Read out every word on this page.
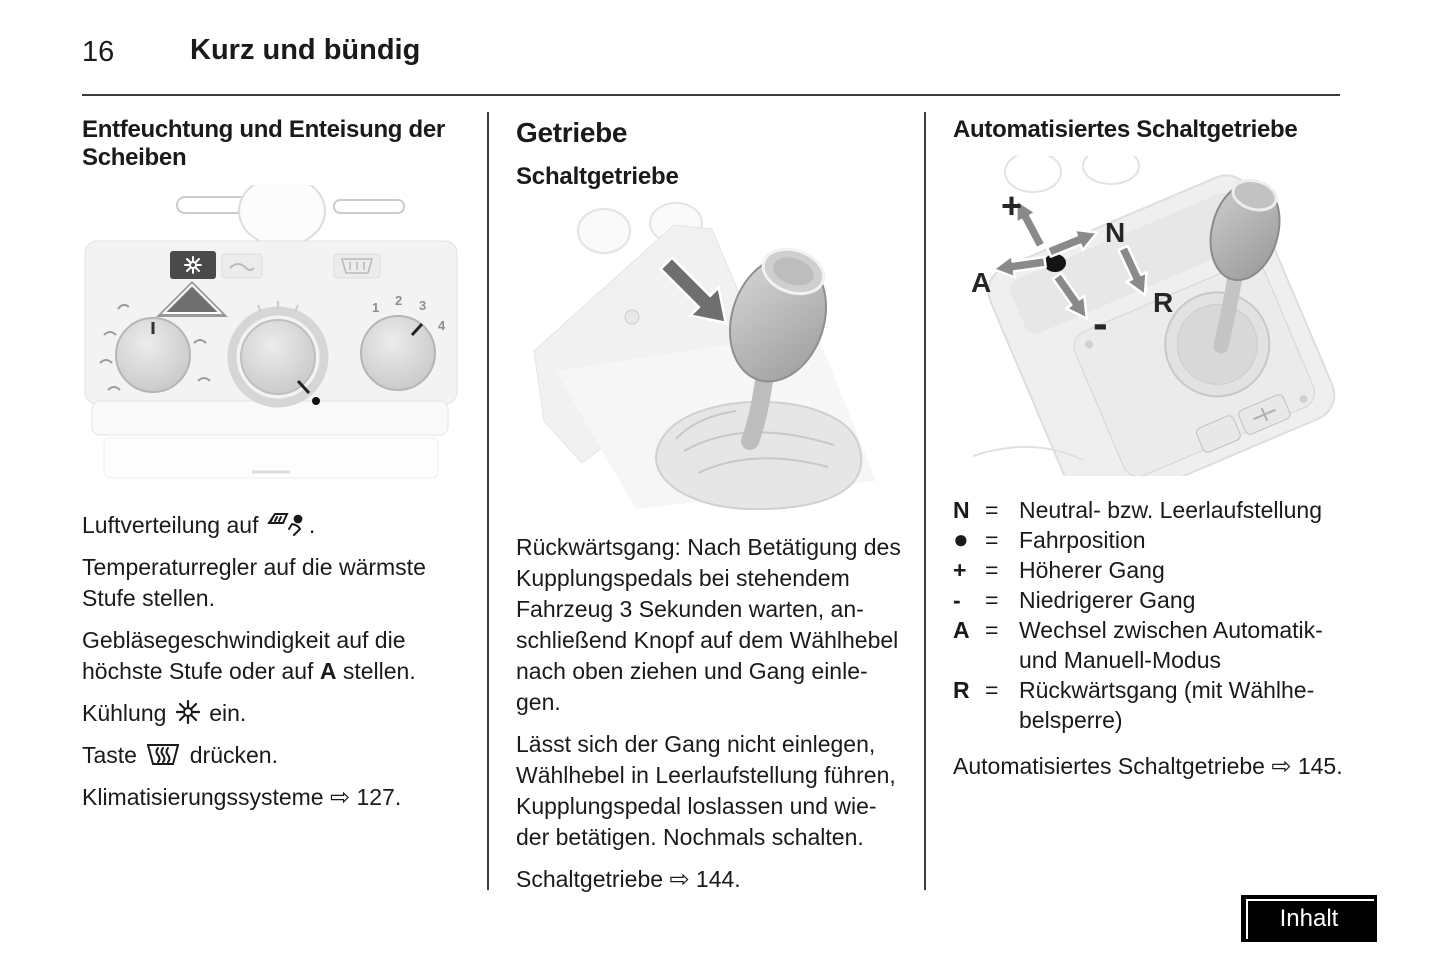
16	Kurz und bündig
Entfeuchtung und Enteisung der Scheiben
1 2 3
4

Luftverteilung auf .

Temperaturregler auf die wärmste Stufe stellen.

Gebläsegeschwindigkeit auf die höchste Stufe oder auf A stellen.

Kühlung  ein.

Taste  drücken.

Klimatisierungssysteme ⇨ 127.

Getriebe
Schaltgetriebe

Rückwärtsgang: Nach Betätigung des Kupplungspedals bei stehendem Fahrzeug 3 Sekunden warten, anschließend Knopf auf dem Wählhebel nach oben ziehen und Gang einlegen.

Lässt sich der Gang nicht einlegen, Wählhebel in Leerlaufstellung führen, Kupplungspedal loslassen und wieder betätigen. Nochmals schalten.

Schaltgetriebe ⇨ 144.

Automatisiertes Schaltgetriebe
+
N
A
R
-
N = Neutral- bzw. Leerlaufstellung
● = Fahrposition
+ = Höherer Gang
-	= Niedrigerer Gang
A = Wechsel zwischen Automatik- und Manuell-Modus
R = Rückwärtsgang (mit Wählhebelsperre)

Automatisiertes Schaltgetriebe ⇨ 145.

Inhalt
